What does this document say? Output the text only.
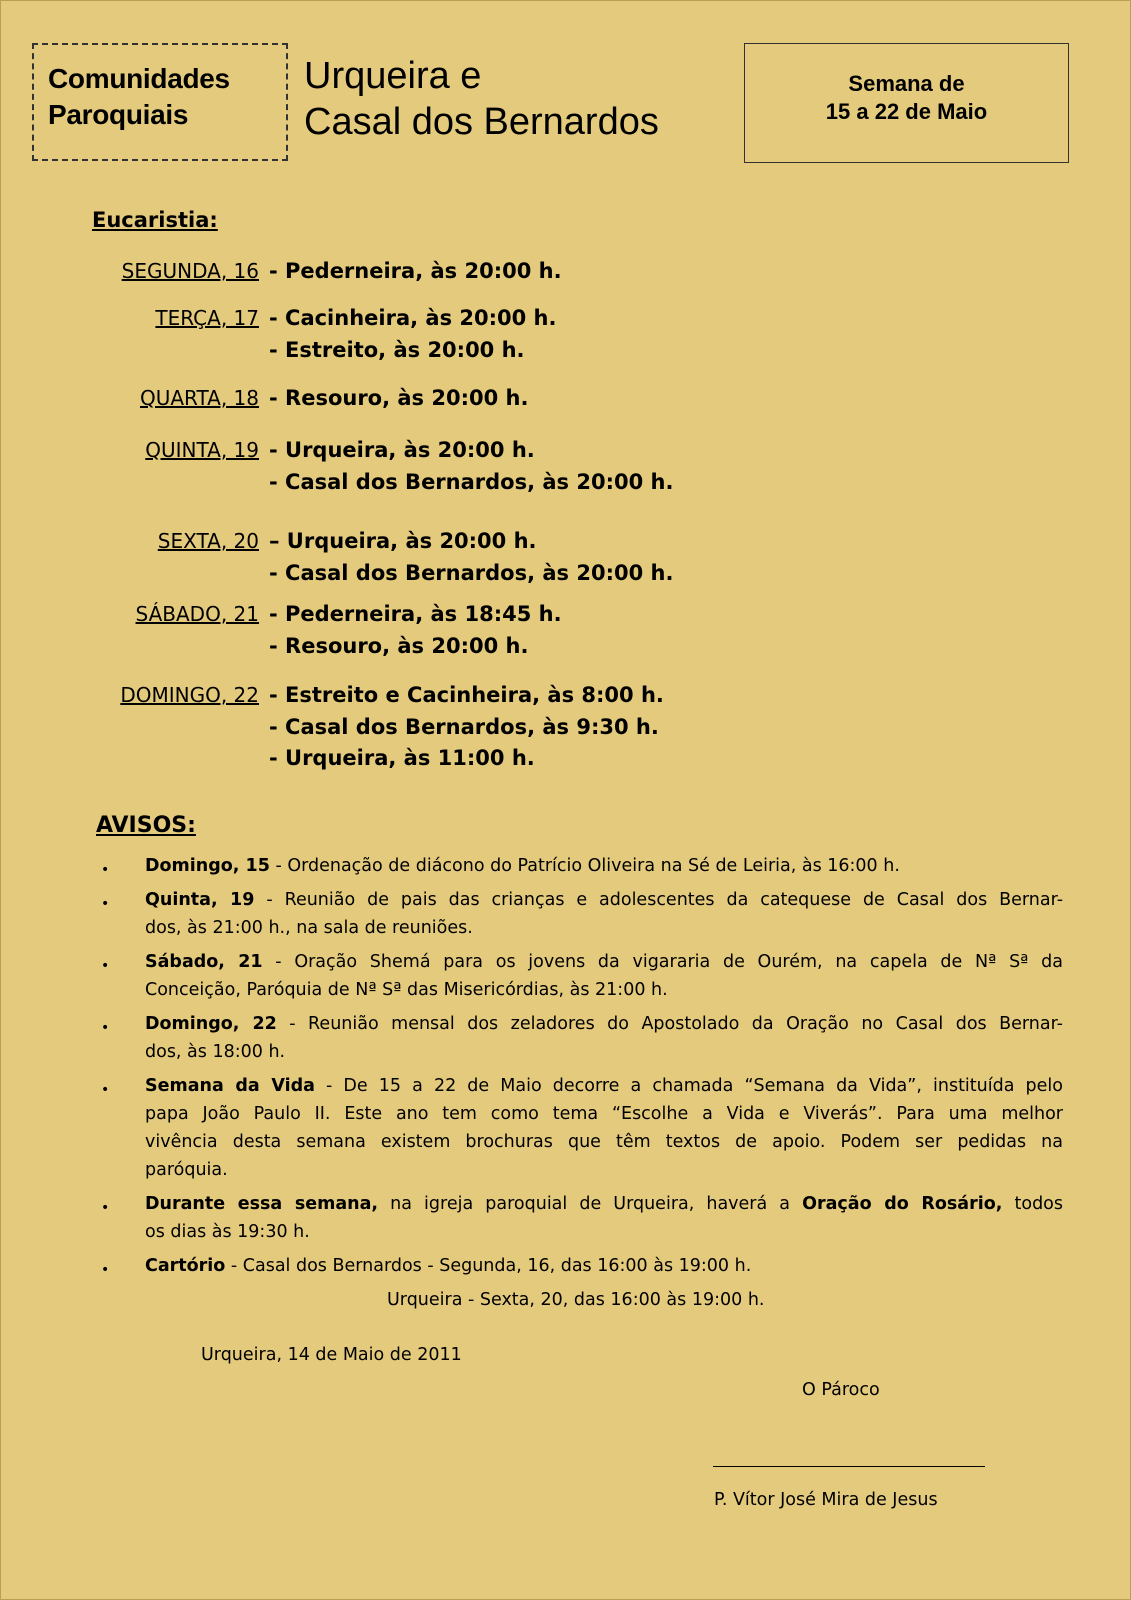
Comunidades
Paroquiais
Urqueira e
Casal dos Bernardos
Semana de
15 a 22 de Maio
Eucaristia:
SEGUNDA, 16 - Pederneira, às 20:00 h.
TERÇA, 17 - Cacinheira, às 20:00 h.
- Estreito, às 20:00 h.
QUARTA, 18 - Resouro, às 20:00 h.
QUINTA, 19 - Urqueira, às 20:00 h.
- Casal dos Bernardos, às 20:00 h.
SEXTA, 20 – Urqueira, às 20:00 h.
- Casal dos Bernardos, às 20:00 h.
SÁBADO, 21 - Pederneira, às 18:45 h.
- Resouro, às 20:00 h.
DOMINGO, 22 - Estreito e Cacinheira, às 8:00 h.
- Casal dos Bernardos, às 9:30 h.
- Urqueira, às 11:00 h.
AVISOS:
• Domingo, 15 - Ordenação de diácono do Patrício Oliveira na Sé de Leiria, às 16:00 h.
• Quinta, 19 - Reunião de pais das crianças e adolescentes da catequese de Casal dos Bernar-
dos, às 21:00 h., na sala de reuniões.
• Sábado, 21 - Oração Shemá para os jovens da vigararia de Ourém, na capela de Nª Sª da
Conceição, Paróquia de Nª Sª das Misericórdias, às 21:00 h.
• Domingo, 22 - Reunião mensal dos zeladores do Apostolado da Oração no Casal dos Bernar-
dos, às 18:00 h.
• Semana da Vida - De 15 a 22 de Maio decorre a chamada “Semana da Vida”, instituída pelo
papa João Paulo II. Este ano tem como tema “Escolhe a Vida e Viverás”. Para uma melhor
vivência desta semana existem brochuras que têm textos de apoio. Podem ser pedidas na
paróquia.
• Durante essa semana, na igreja paroquial de Urqueira, haverá a Oração do Rosário, todos
os dias às 19:30 h.
• Cartório - Casal dos Bernardos - Segunda, 16, das 16:00 às 19:00 h.
Urqueira - Sexta, 20, das 16:00 às 19:00 h.
Urqueira, 14 de Maio de 2011
O Pároco
P. Vítor José Mira de Jesus
